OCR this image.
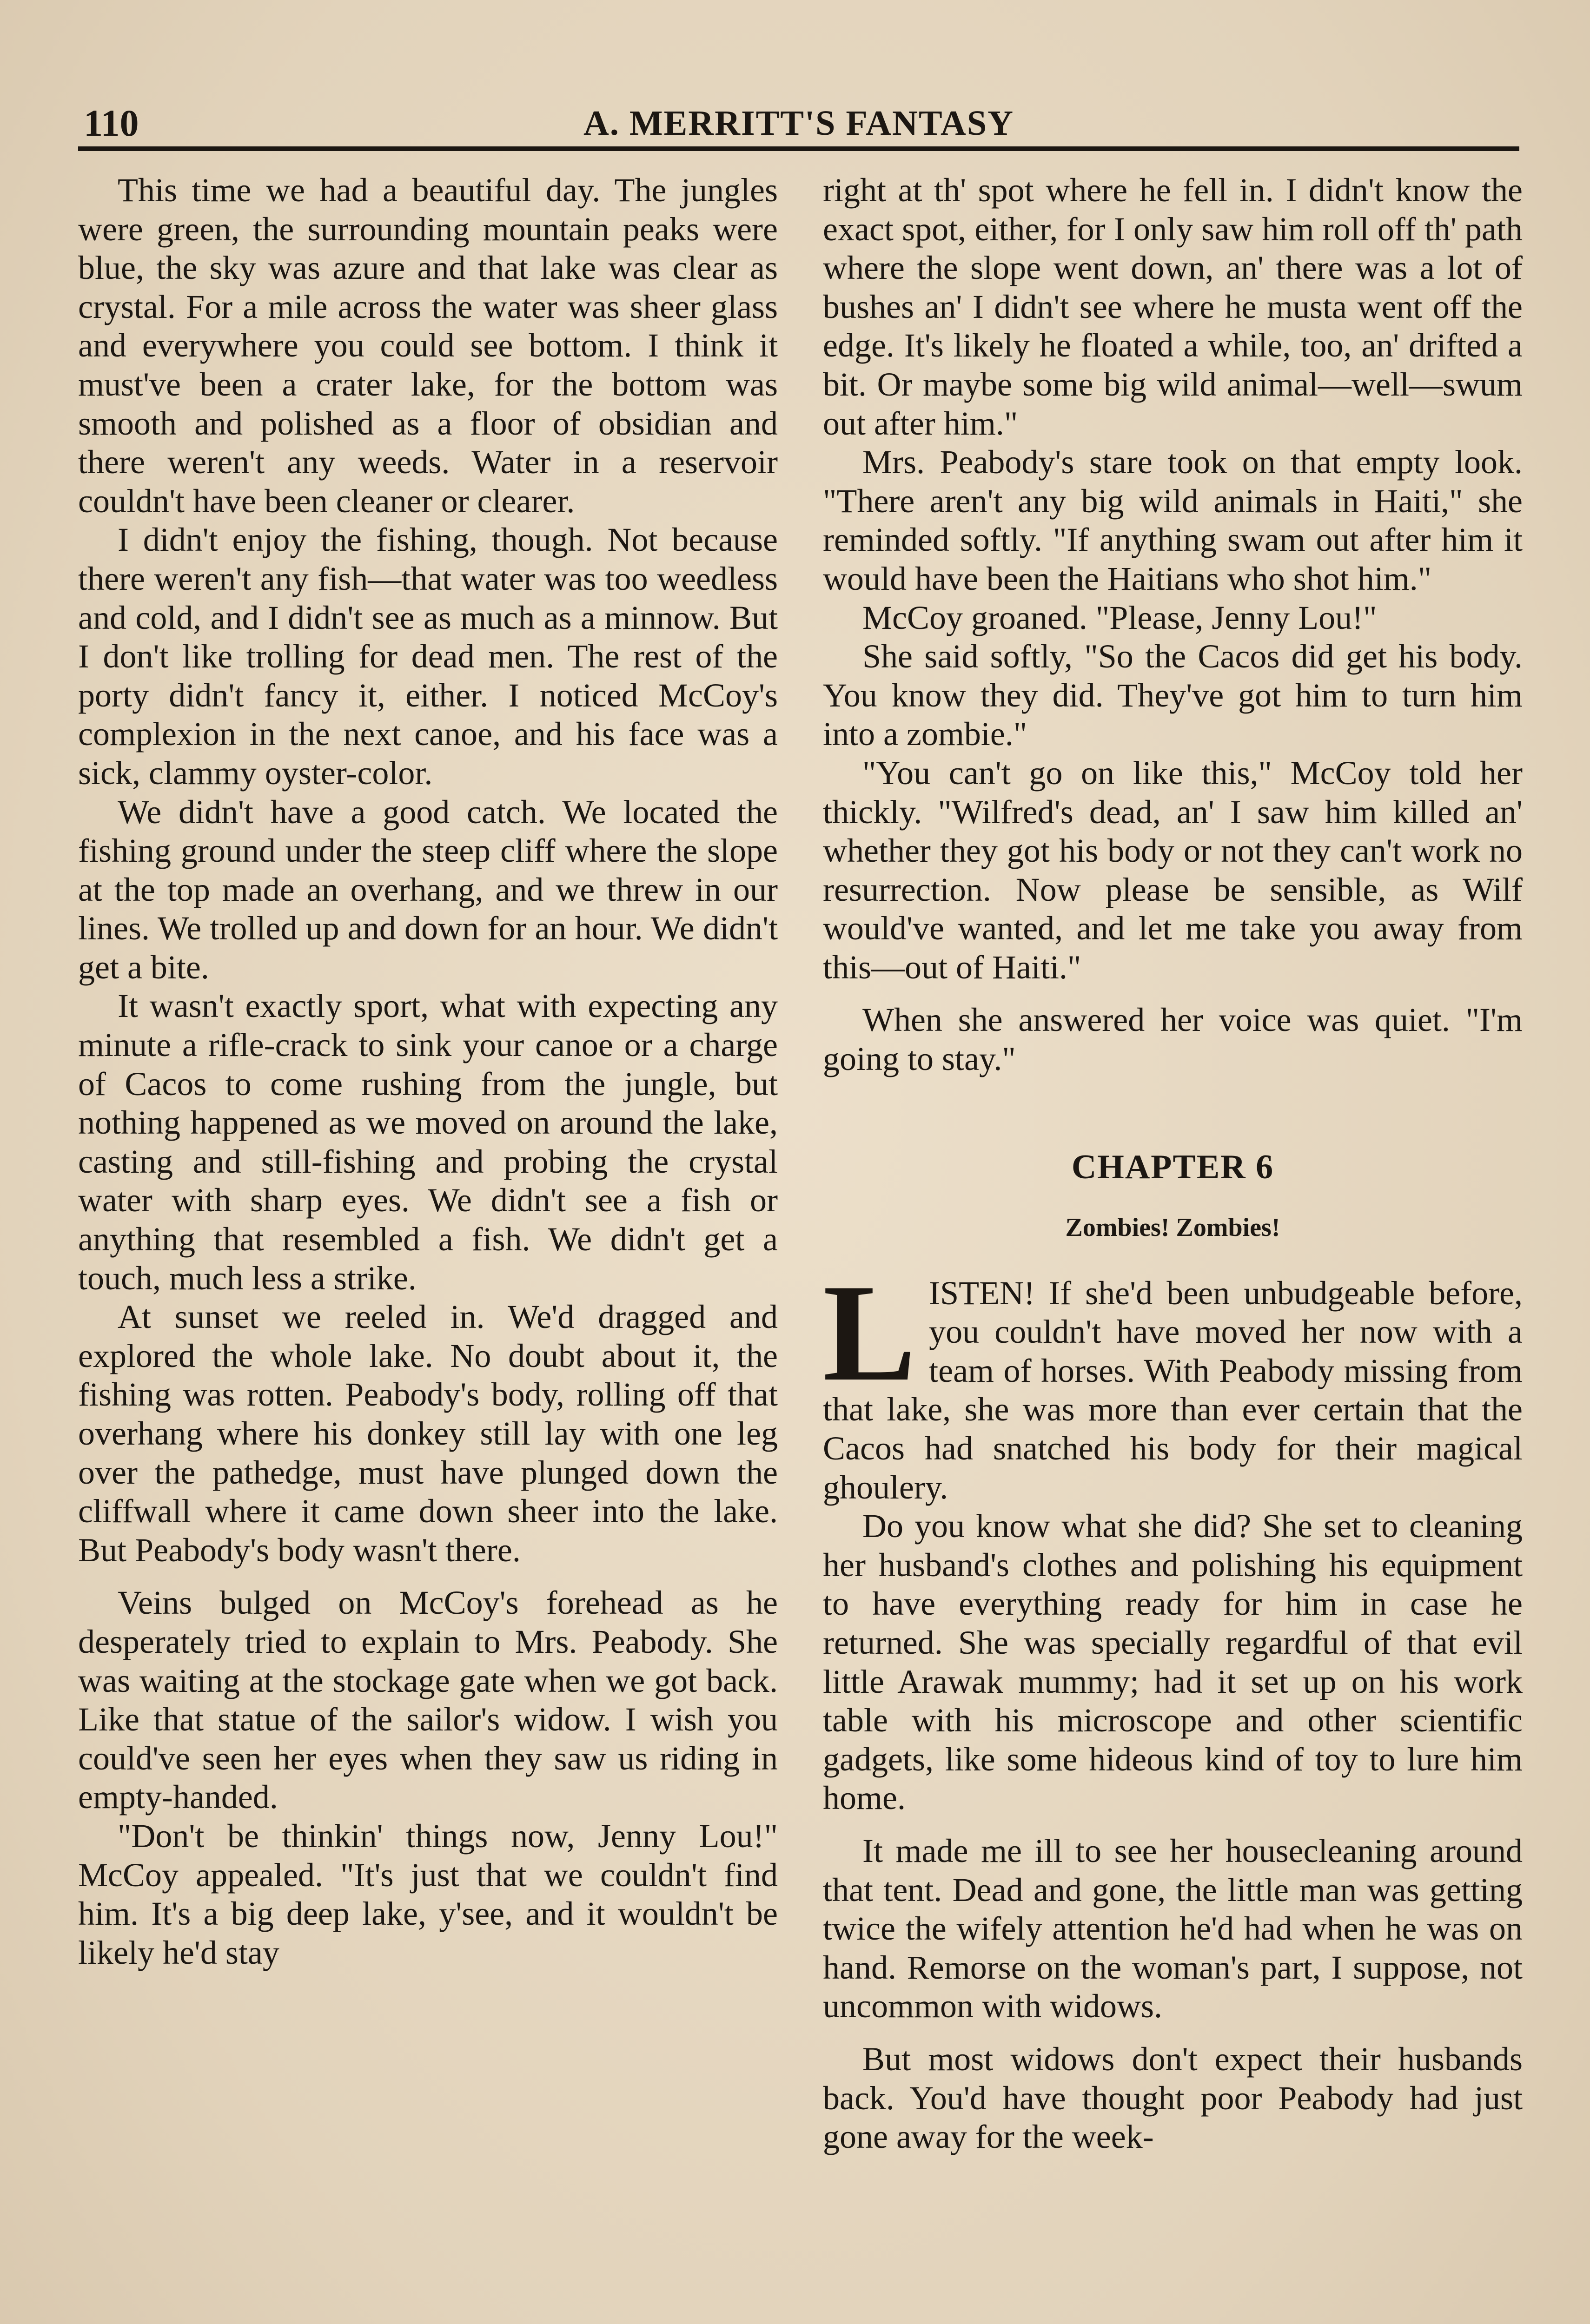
110	A. MERRITT'S FANTASY

This time we had a beautiful day. The jungles were green, the surrounding mountain peaks were blue, the sky was azure and that lake was clear as crystal. For a mile across the water was sheer glass and everywhere you could see bottom. I think it must've been a crater lake, for the bottom was smooth and polished as a floor of obsidian and there weren't any weeds. Water in a reservoir couldn't have been cleaner or clearer.

I didn't enjoy the fishing, though. Not because there weren't any fish—that water was too weedless and cold, and I didn't see as much as a minnow. But I don't like trolling for dead men. The rest of the porty didn't fancy it, either. I noticed McCoy's complexion in the next canoe, and his face was a sick, clammy oyster-color.

We didn't have a good catch. We located the fishing ground under the steep cliff where the slope at the top made an overhang, and we threw in our lines. We trolled up and down for an hour. We didn't get a bite.

It wasn't exactly sport, what with expecting any minute a rifle-crack to sink your canoe or a charge of Cacos to come rushing from the jungle, but nothing happened as we moved on around the lake, casting and still-fishing and probing the crystal water with sharp eyes. We didn't see a fish or anything that resembled a fish. We didn't get a touch, much less a strike.

At sunset we reeled in. We'd dragged and explored the whole lake. No doubt about it, the fishing was rotten. Peabody's body, rolling off that overhang where his donkey still lay with one leg over the pathedge, must have plunged down the cliffwall where it came down sheer into the lake. But Peabody's body wasn't there.

Veins bulged on McCoy's forehead as he desperately tried to explain to Mrs. Peabody. She was waiting at the stockage gate when we got back. Like that statue of the sailor's widow. I wish you could've seen her eyes when they saw us riding in empty-handed.

"Don't be thinkin' things now, Jenny Lou!" McCoy appealed. "It's just that we couldn't find him. It's a big deep lake, y'see, and it wouldn't be likely he'd stay

right at th' spot where he fell in. I didn't know the exact spot, either, for I only saw him roll off th' path where the slope went down, an' there was a lot of bushes an' I didn't see where he musta went off the edge. It's likely he floated a while, too, an' drifted a bit. Or maybe some big wild animal—well—swum out after him."

Mrs. Peabody's stare took on that empty look. "There aren't any big wild animals in Haiti," she reminded softly. "If anything swam out after him it would have been the Haitians who shot him."

McCoy groaned. "Please, Jenny Lou!"

She said softly, "So the Cacos did get his body. You know they did. They've got him to turn him into a zombie."

"You can't go on like this," McCoy told her thickly. "Wilfred's dead, an' I saw him killed an' whether they got his body or not they can't work no resurrection. Now please be sensible, as Wilf would've wanted, and let me take you away from this—out of Haiti."

When she answered her voice was quiet. "I'm going to stay."

CHAPTER 6
Zombies! Zombies!

LISTEN! If she'd been unbudgeable before, you couldn't have moved her now with a team of horses. With Peabody missing from that lake, she was more than ever certain that the Cacos had snatched his body for their magical ghoulery.

Do you know what she did? She set to cleaning her husband's clothes and polishing his equipment to have everything ready for him in case he returned. She was specially regardful of that evil little Arawak mummy; had it set up on his work table with his microscope and other scientific gadgets, like some hideous kind of toy to lure him home.

It made me ill to see her housecleaning around that tent. Dead and gone, the little man was getting twice the wifely attention he'd had when he was on hand. Remorse on the woman's part, I suppose, not uncommon with widows.

But most widows don't expect their husbands back. You'd have thought poor Peabody had just gone away for the week-
